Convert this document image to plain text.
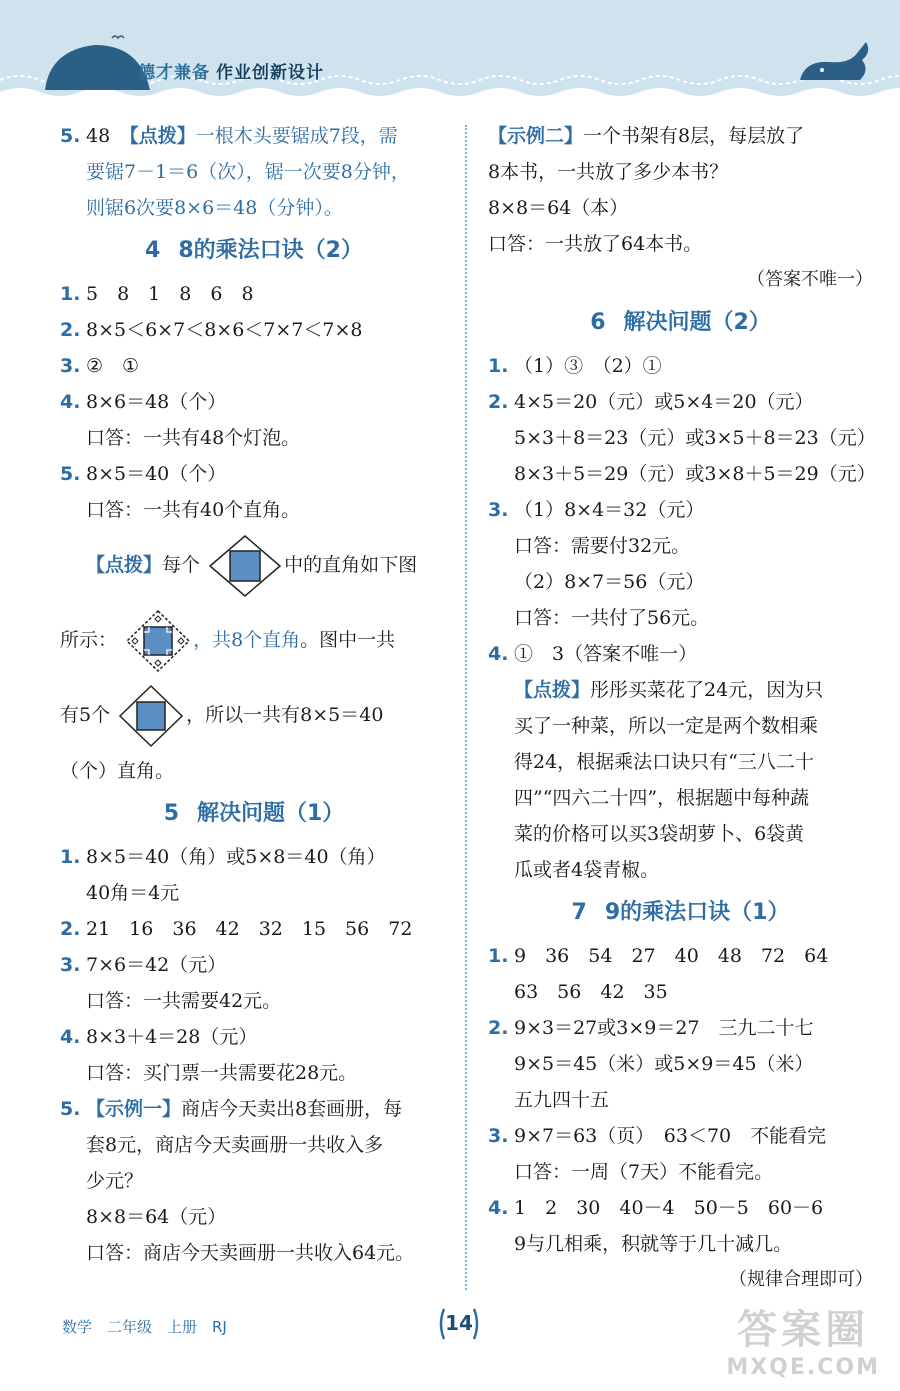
德才兼备 作业创新设计
5. 48　【点拨】一根木头要锯成7段，需
要锯7－1＝6（次），锯一次要8分钟，
则锯6次要8×6＝48（分钟）。
4 8的乘法口诀（2）
1. 5　8　1　8　6　8
2. 8×5＜6×7＜8×6＜7×7＜7×8
3. ②　①
4. 8×6＝48（个）
口答：一共有48个灯泡。
5. 8×5＝40（个）
口答：一共有40个直角。
【点拨】每个	中的直角如下图
所示：	，共8个直角。图中一共
有5个	，所以一共有8×5＝40
（个）直角。
5 解决问题（1）
1. 8×5＝40（角）或5×8＝40（角）
40角＝4元
2. 21　16　36　42　32　15　56　72
3. 7×6＝42（元）
口答：一共需要42元。
4. 8×3＋4＝28（元）
口答：买门票一共需要花28元。
5. 【示例一】商店今天卖出8套画册，每
套8元，商店今天卖画册一共收入多
少元？
8×8＝64（元）
口答：商店今天卖画册一共收入64元。
【示例二】一个书架有8层，每层放了
8本书，一共放了多少本书？
8×8＝64（本）
口答：一共放了64本书。
（答案不唯一）
6 解决问题（2）
1. （1）③　（2）①
2. 4×5＝20（元）或5×4＝20（元）
5×3＋8＝23（元）或3×5＋8＝23（元）
8×3＋5＝29（元）或3×8＋5＝29（元）
3. （1）8×4＝32（元）
口答：需要付32元。
（2）8×7＝56（元）
口答：一共付了56元。
4. ①　3（答案不唯一）
【点拨】彤彤买菜花了24元，因为只
买了一种菜，所以一定是两个数相乘
得24，根据乘法口诀只有“三八二十
四”“四六二十四”，根据题中每种蔬
菜的价格可以买3袋胡萝卜、6袋黄
瓜或者4袋青椒。
7 9的乘法口诀（1）
1. 9　36　54　27　40　48　72　64
63　56　42　35
2. 9×3＝27或3×9＝27　三九二十七
9×5＝45（米）或5×9＝45（米）
五九四十五
3. 9×7＝63（页）　63＜70　不能看完
口答：一周（7天）不能看完。
4. 1　2　30　40－4　50－5　60－6
9与几相乘，积就等于几十减几。
（规律合理即可）
数学　二年级　上册　RJ	14	答案圈
MXQE.COM
